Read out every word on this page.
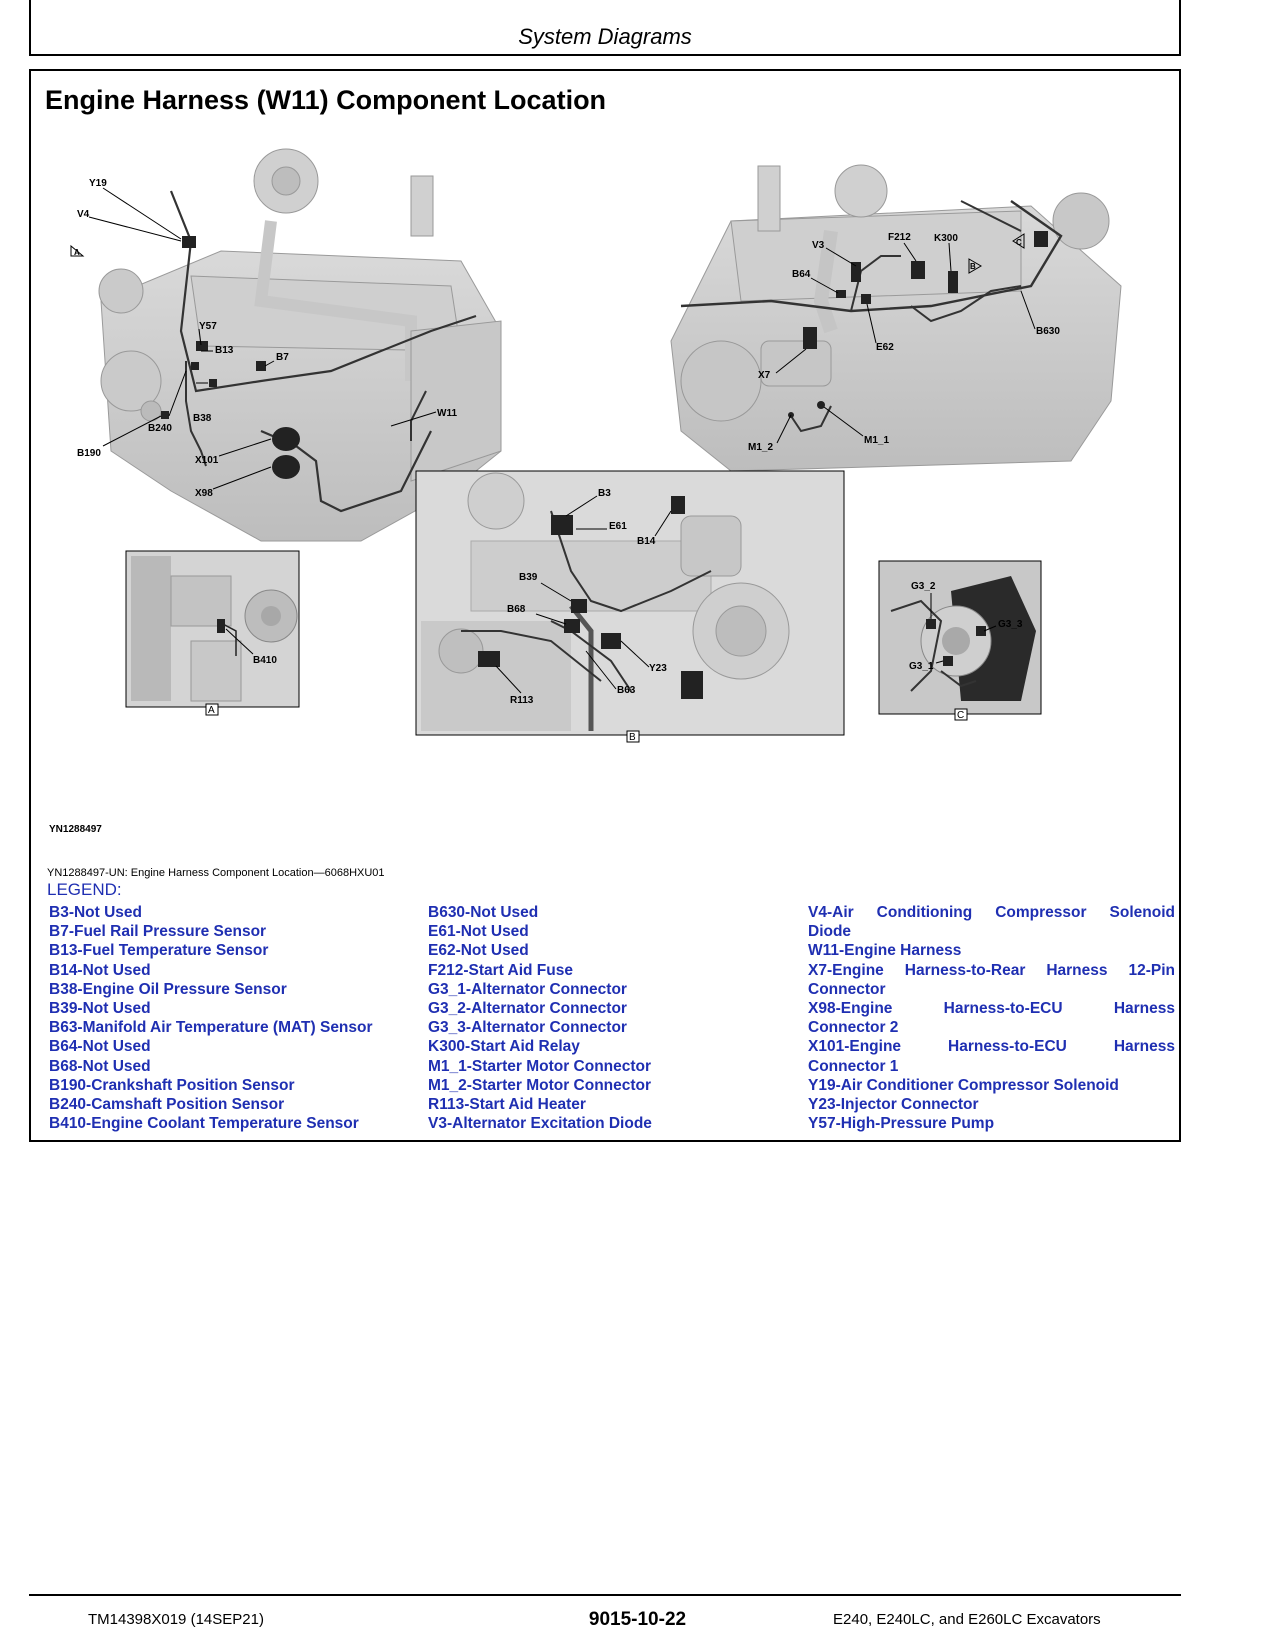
System Diagrams
Engine Harness (W11) Component Location
Y19
V4
A
Y57
B13
B7
B38
B240
B190
X101
X98
W11
V3
F212 K300	C
B
B64
B630
E62
X7
M1_2
M1_1
B410
A
B3
E61
B14
B39
B68
Y23
B63
R113
B
G3_2
G3_3
G3_1
C
YN1288497
YN1288497-UN: Engine Harness Component Location—6068HXU01
LEGEND:
B3-Not Used
B7-Fuel Rail Pressure Sensor
B13-Fuel Temperature Sensor
B14-Not Used
B38-Engine Oil Pressure Sensor
B39-Not Used
B63-Manifold Air Temperature (MAT) Sensor
B64-Not Used
B68-Not Used
B190-Crankshaft Position Sensor
B240-Camshaft Position Sensor
B410-Engine Coolant Temperature Sensor
B630-Not Used
E61-Not Used
E62-Not Used
F212-Start Aid Fuse
G3_1-Alternator Connector
G3_2-Alternator Connector
G3_3-Alternator Connector
K300-Start Aid Relay
M1_1-Starter Motor Connector
M1_2-Starter Motor Connector
R113-Start Aid Heater
V3-Alternator Excitation Diode
V4-Air Conditioning Compressor Solenoid
Diode
W11-Engine Harness
X7-Engine Harness-to-Rear Harness 12-Pin
Connector
X98-Engine Harness-to-ECU Harness
Connector 2
X101-Engine Harness-to-ECU Harness
Connector 1
Y19-Air Conditioner Compressor Solenoid
Y23-Injector Connector
Y57-High-Pressure Pump
TM14398X019 (14SEP21)	9015-10-22	E240, E240LC, and E260LC Excavators
